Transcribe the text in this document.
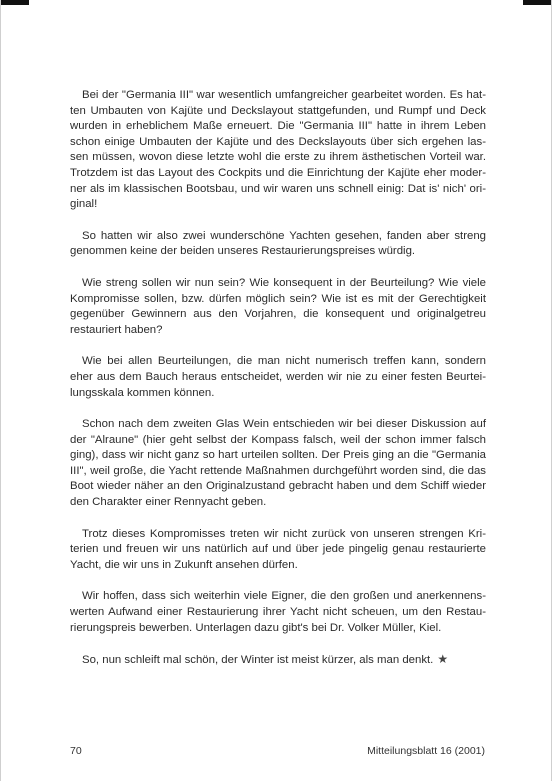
Bei der "Germania III" war wesentlich umfangreicher gearbeitet worden. Es hatten Umbauten von Kajüte und Deckslayout stattgefunden, und Rumpf und Deck wurden in erheblichem Maße erneuert. Die "Germania III" hatte in ihrem Leben schon einige Umbauten der Kajüte und des Deckslayouts über sich ergehen lassen müssen, wovon diese letzte wohl die erste zu ihrem ästhetischen Vorteil war. Trotzdem ist das Layout des Cockpits und die Einrichtung der Kajüte eher moderner als im klassischen Bootsbau, und wir waren uns schnell einig: Dat is' nich' original!

So hatten wir also zwei wunderschöne Yachten gesehen, fanden aber streng genommen keine der beiden unseres Restaurierungspreises würdig.

Wie streng sollen wir nun sein? Wie konsequent in der Beurteilung? Wie viele Kompromisse sollen, bzw. dürfen möglich sein? Wie ist es mit der Gerechtigkeit gegenüber Gewinnern aus den Vorjahren, die konsequent und originalgetreu restauriert haben?

Wie bei allen Beurteilungen, die man nicht numerisch treffen kann, sondern eher aus dem Bauch heraus entscheidet, werden wir nie zu einer festen Beurteilungsskala kommen können.

Schon nach dem zweiten Glas Wein entschieden wir bei dieser Diskussion auf der "Alraune" (hier geht selbst der Kompass falsch, weil der schon immer falsch ging), dass wir nicht ganz so hart urteilen sollten. Der Preis ging an die "Germania III", weil große, die Yacht rettende Maßnahmen durchgeführt worden sind, die das Boot wieder näher an den Originalzustand gebracht haben und dem Schiff wieder den Charakter einer Rennyacht geben.

Trotz dieses Kompromisses treten wir nicht zurück von unseren strengen Kriterien und freuen wir uns natürlich auf und über jede pingelig genau restaurierte Yacht, die wir uns in Zukunft ansehen dürfen.

Wir hoffen, dass sich weiterhin viele Eigner, die den großen und anerkennenswerten Aufwand einer Restaurierung ihrer Yacht nicht scheuen, um den Restaurierungspreis bewerben. Unterlagen dazu gibt's bei Dr. Volker Müller, Kiel.

So, nun schleift mal schön, der Winter ist meist kürzer, als man denkt. ★

70	Mitteilungsblatt 16 (2001)
